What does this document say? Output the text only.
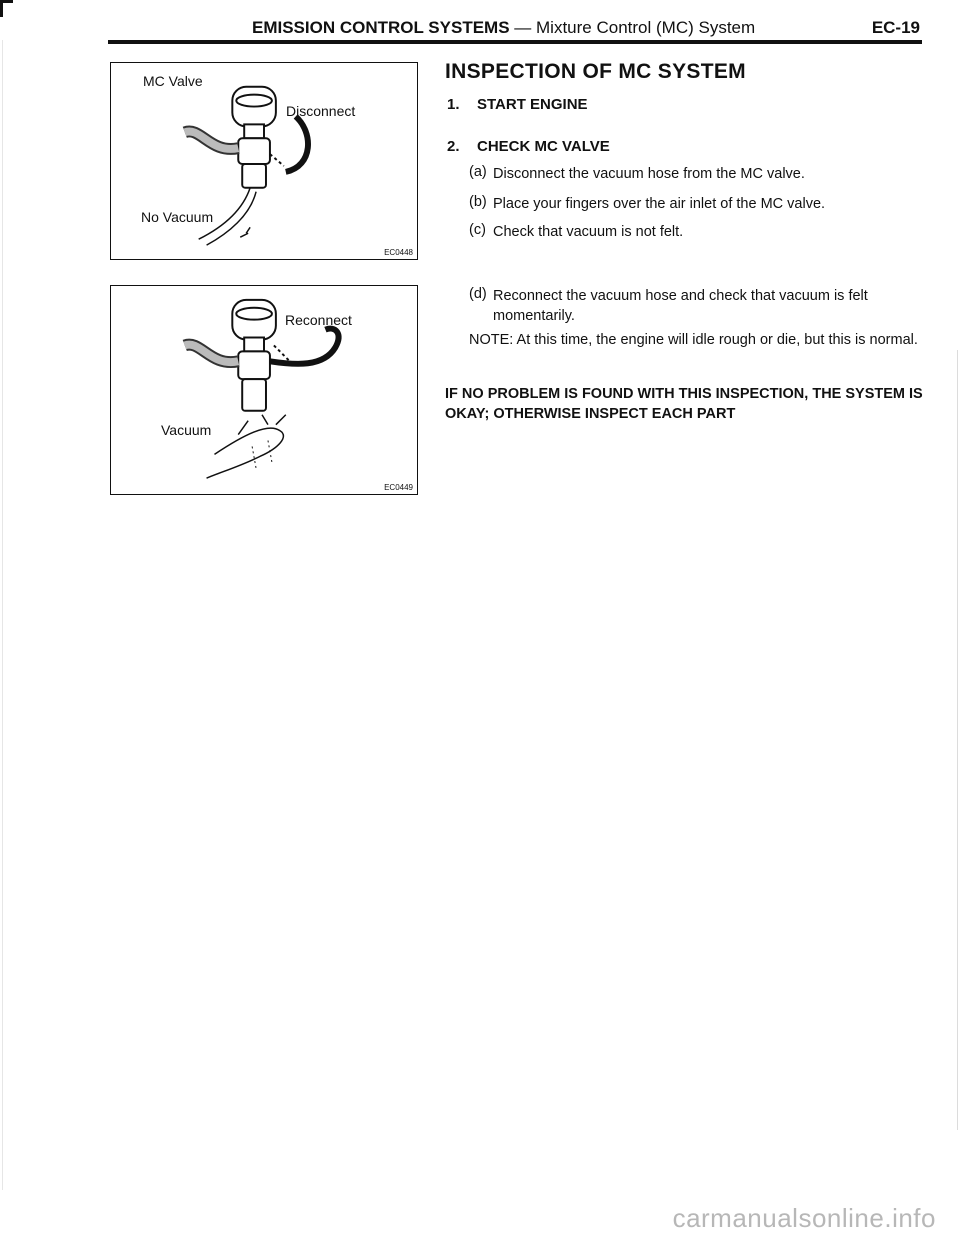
EMISSION CONTROL SYSTEMS — Mixture Control (MC) System	EC-19
MC Valve
Disconnect
No Vacuum
EC0448
Reconnect
Vacuum
EC0449
INSPECTION OF MC SYSTEM
1. START ENGINE
2. CHECK MC VALVE
(a) Disconnect the vacuum hose from the MC valve.
(b) Place your fingers over the air inlet of the MC valve.
(c) Check that vacuum is not felt.
(d) Reconnect the vacuum hose and check that vacuum is felt momentarily.
NOTE: At this time, the engine will idle rough or die, but this is normal.
IF NO PROBLEM IS FOUND WITH THIS INSPECTION, THE SYSTEM IS OKAY; OTHERWISE INSPECT EACH PART
carmanualsonline.info
